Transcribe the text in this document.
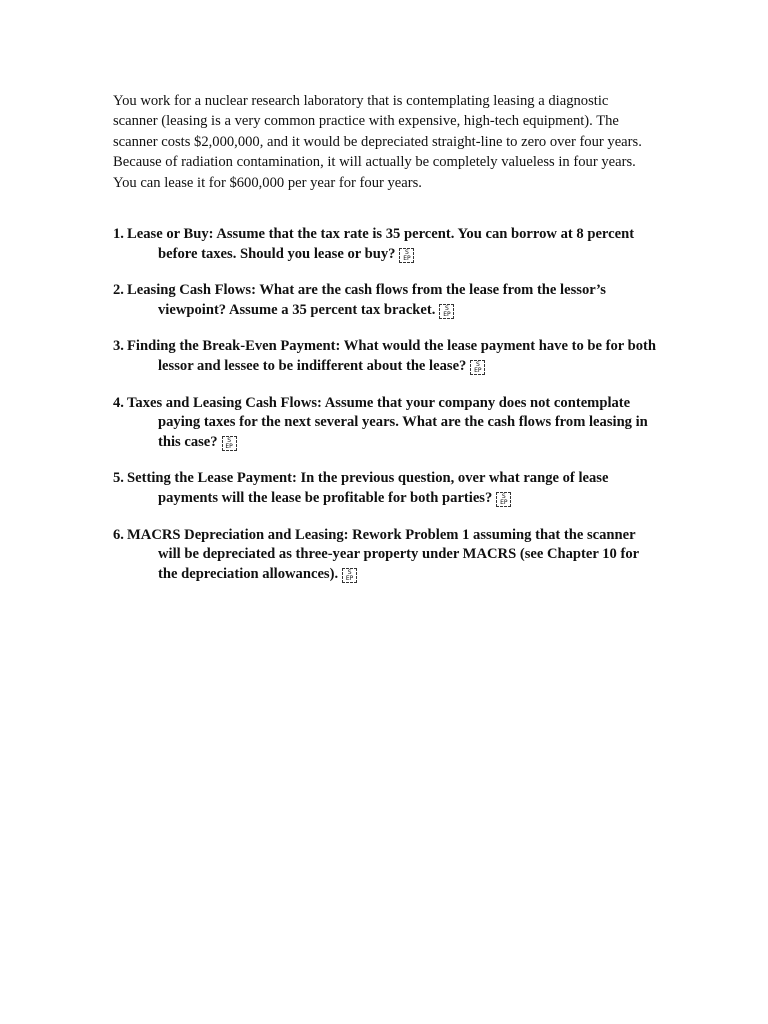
You work for a nuclear research laboratory that is contemplating leasing a diagnostic scanner (leasing is a very common practice with expensive, high-tech equipment). The scanner costs $2,000,000, and it would be depreciated straight-line to zero over four years. Because of radiation contamination, it will actually be completely valueless in four years. You can lease it for $600,000 per year for four years.

1. Lease or Buy: Assume that the tax rate is 35 percent. You can borrow at 8 percent before taxes. Should you lease or buy?	S
EP
2. Leasing Cash Flows: What are the cash flows from the lease from the lessor’s viewpoint? Assume a 35 percent tax bracket.	S
EP
3. Finding the Break-Even Payment: What would the lease payment have to be for both lessor and lessee to be indifferent about the lease?	S
EP
4. Taxes and Leasing Cash Flows: Assume that your company does not contemplate paying taxes for the next several years. What are the cash flows from leasing in this case?	S
EP
5. Setting the Lease Payment: In the previous question, over what range of lease payments will the lease be profitable for both parties?	S
EP
6. MACRS Depreciation and Leasing: Rework Problem 1 assuming that the scanner will be depreciated as three-year property under MACRS (see Chapter 10 for the depreciation allowances).	S
EP
